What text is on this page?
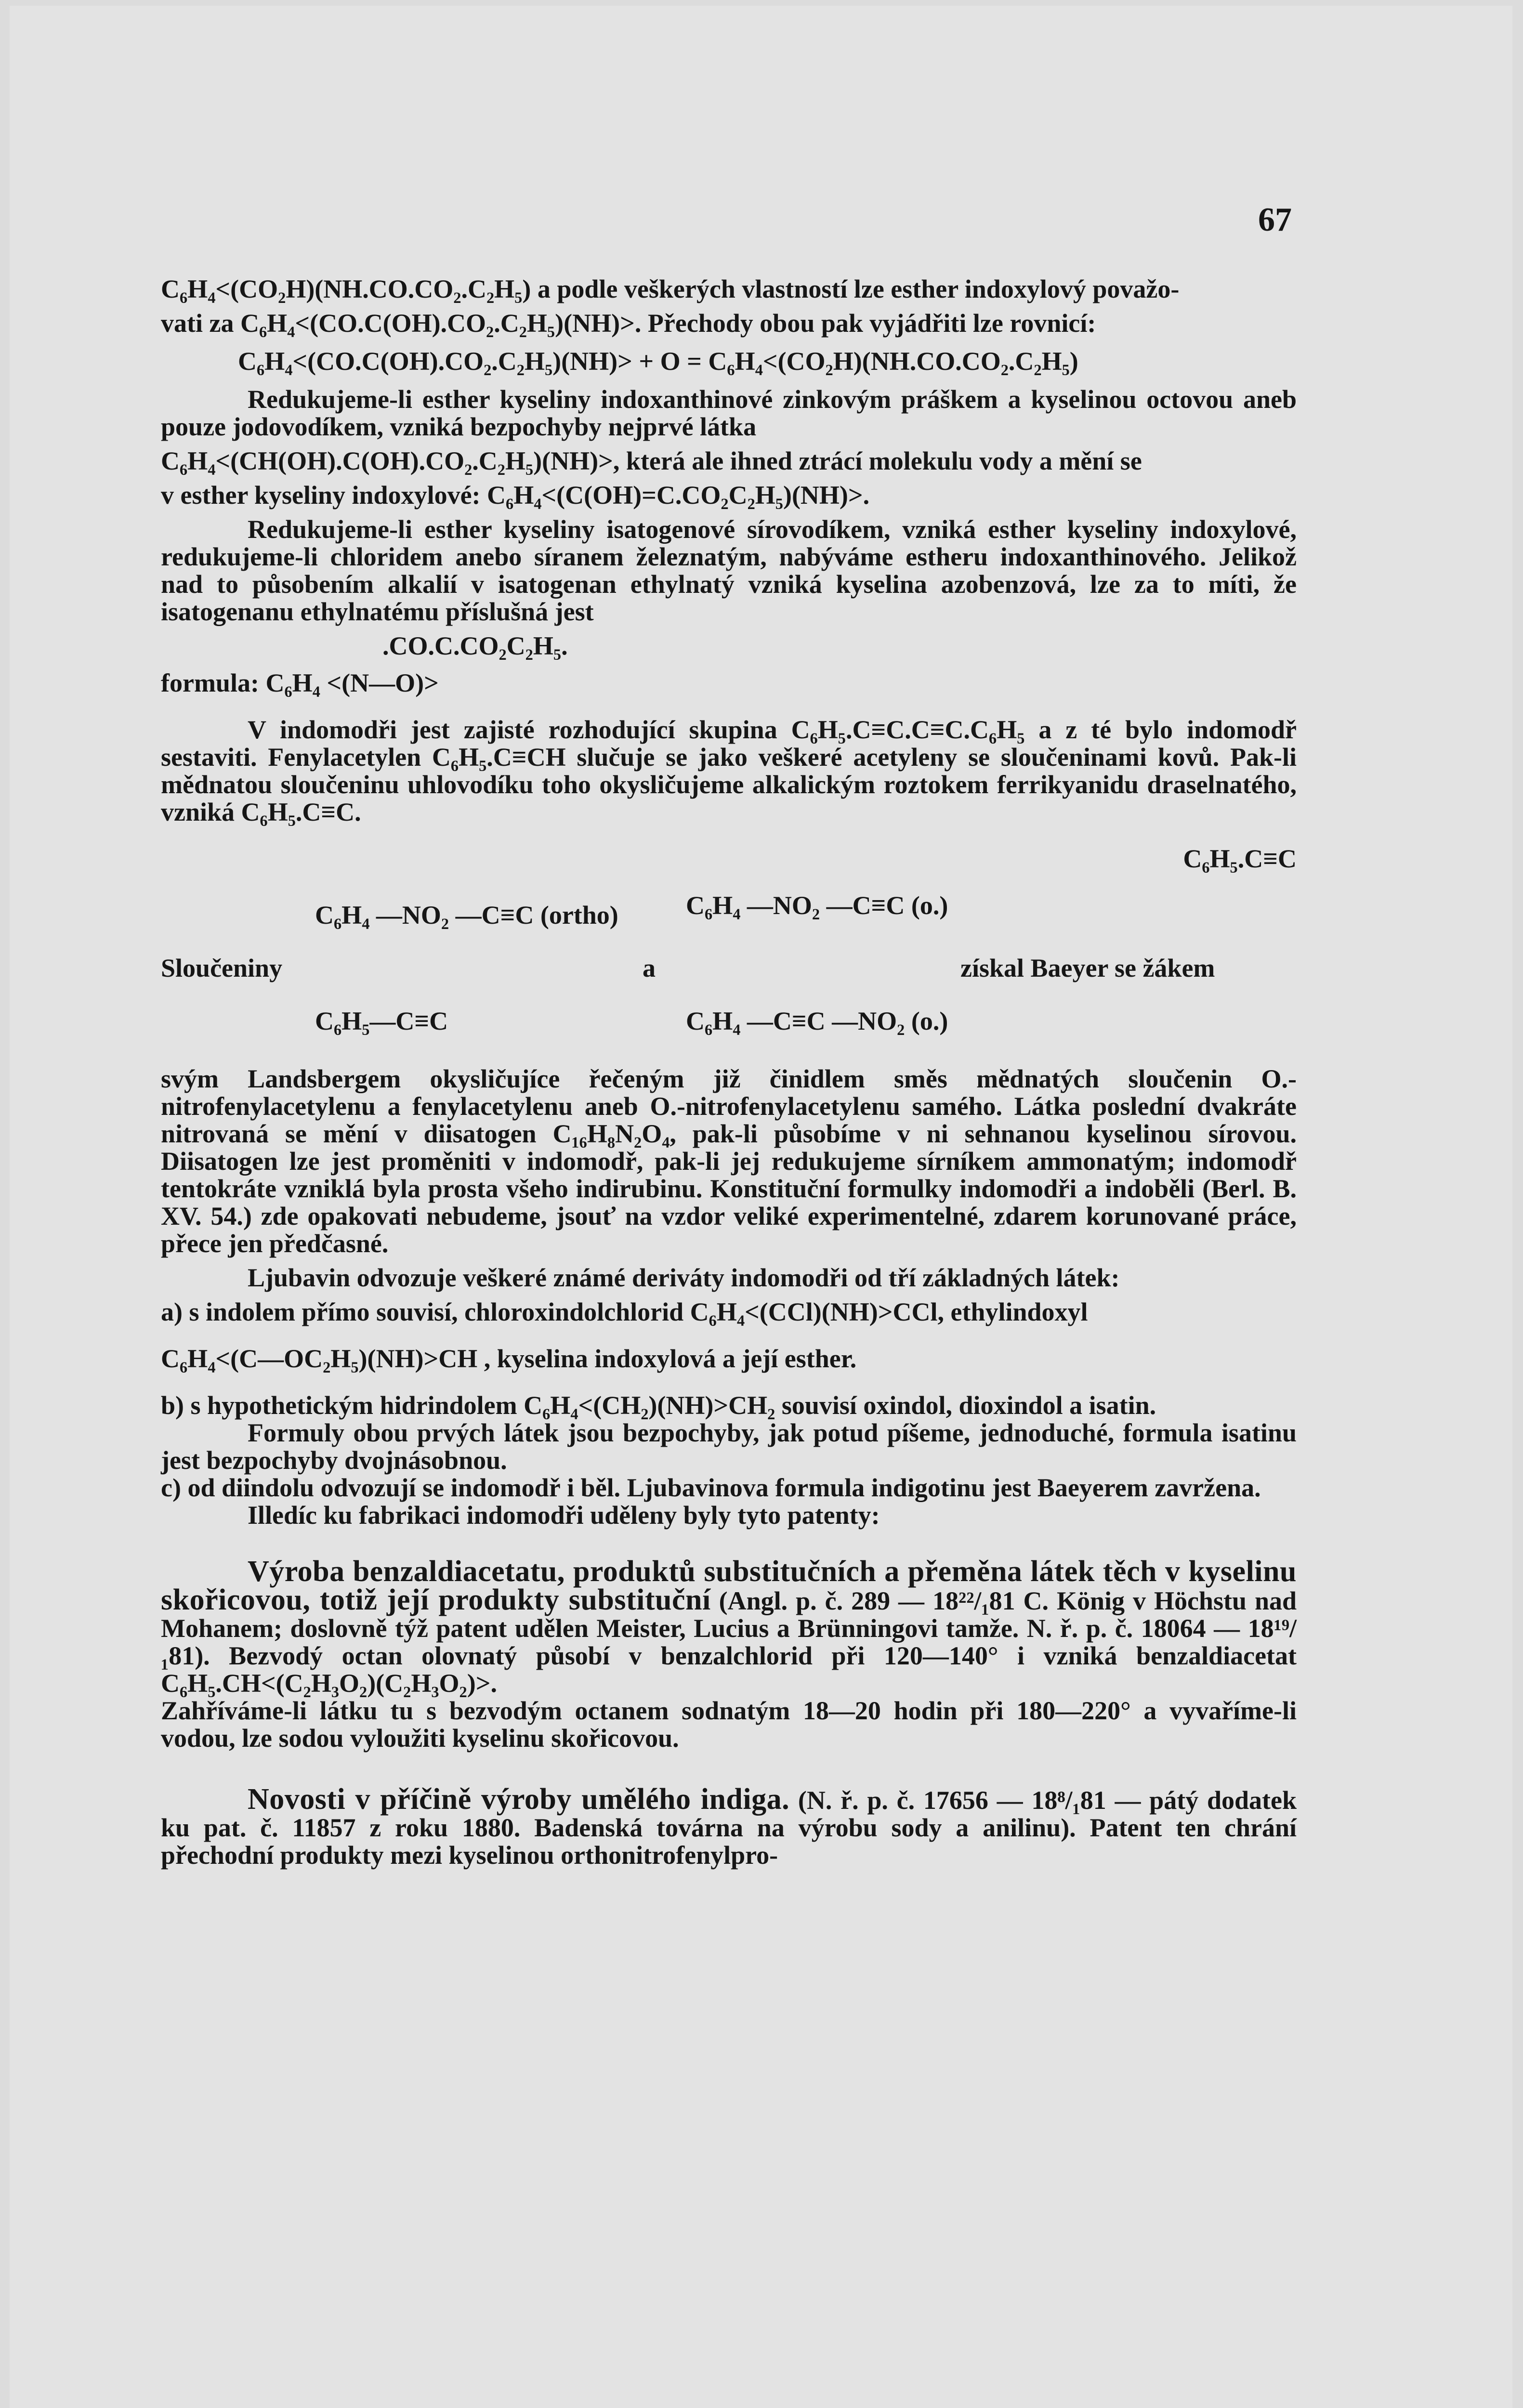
67
C₆H₄<(CO₂H)(NH.CO.CO₂.C₂H₅) a podle veškerých vlastností lze esther indoxylový považo-
vati za C₆H₄<(CO.C(OH).CO₂.C₂H₅)(NH)>. Přechody obou pak vyjádřiti lze rovnicí:
C₆H₄<(CO.C(OH).CO₂.C₂H₅)(NH)> + O = C₆H₄<(CO₂H)(NH.CO.CO₂.C₂H₅)

Redukujeme-li esther kyseliny indoxanthinové zinkovým práškem a kyselinou octovou aneb pouze jodovodíkem, vzniká bezpochyby nejprvé látka

C₆H₄<(CH(OH).C(OH).CO₂.C₂H₅)(NH)>, která ale ihned ztrácí molekulu vody a mění se
v esther kyseliny indoxylové: C₆H₄<(C(OH)=C.CO₂C₂H₅)(NH)>.

Redukujeme-li esther kyseliny isatogenové sírovodíkem, vzniká esther kyseliny indoxylové, redukujeme-li chloridem anebo síranem železnatým, nabýváme estheru indoxanthinového. Jelikož nad to působením alkalií v isatogenan ethylnatý vzniká kyselina azobenzová, lze za to míti, že isatogenanu ethylnatému příslušná jest

.CO.C.CO₂C₂H₅.
formula: C₆H₄ <(N—O)>

V indomodři jest zajisté rozhodující skupina C₆H₅.C≡C.C≡C.C₆H₅ a z té bylo indomodř sestaviti. Fenylacetylen C₆H₅.C≡CH slučuje se jako veškeré acetyleny se sloučeninami kovů. Pak-li mědnatou sloučeninu uhlovodíku toho okysličujeme alkalickým roztokem ferrikyanidu draselnatého, vzniká C₆H₅.C≡C.

C₆H₅.C≡C
C₆H₄ —NO₂ —C≡C (ortho)
Sloučeniny
C₆H₅—C≡C
a
C₆H₄ —NO₂ —C≡C (o.)
C₆H₄ —C≡C —NO₂ (o.)
získal Baeyer se žákem

svým Landsbergem okysličujíce řečeným již činidlem směs mědnatých sloučenin O.-nitrofenylacetylenu a fenylacetylenu aneb O.-nitrofenylacetylenu samého. Látka poslední dvakráte nitrovaná se mění v diisatogen C₁₆H₈N₂O₄, pak-li působíme v ni sehnanou kyselinou sírovou. Diisatogen lze jest proměniti v indomodř, pak-li jej redukujeme sírníkem ammonatým; indomodř tentokráte vzniklá byla prosta všeho indirubinu. Konstituční formulky indomodři a indoběli (Berl. B. XV. 54.) zde opakovati nebudeme, jsouť na vzdor veliké experimentelné, zdarem korunované práce, přece jen předčasné.

Ljubavin odvozuje veškeré známé deriváty indomodři od tří základných látek:

a) s indolem přímo souvisí, chloroxindolchlorid C₆H₄<(CCl)(NH)>CCl, ethylindoxyl
C₆H₄<(C—OC₂H₅)(NH)>CH , kyselina indoxylová a její esther.
b) s hypothetickým hidrindolem C₆H₄<(CH₂)(NH)>CH₂ souvisí oxindol, dioxindol a isatin.

Formuly obou prvých látek jsou bezpochyby, jak potud píšeme, jednoduché, formula isatinu jest bezpochyby dvojnásobnou.

c) od diindolu odvozují se indomodř i běl. Ljubavinova formula indigotinu jest Baeyerem zavržena.

Illedíc ku fabrikaci indomodři uděleny byly tyto patenty:

Výroba benzaldiacetatu, produktů substitučních a přeměna látek těch v kyselinu skořicovou, totiž její produkty substituční (Angl. p. č. 289 — 18²²/₁81 C. König v Höchstu nad Mohanem; doslovně týž patent udělen Meister, Lucius a Brünningovi tamže. N. ř. p. č. 18064 — 18¹⁹/₁81). Bezvodý octan olovnatý působí v benzalchlorid při 120—140° i vzniká benzaldiacetat C₆H₅.CH<(C₂H₃O₂)(C₂H₃O₂)>.

Zahříváme-li látku tu s bezvodým octanem sodnatým 18—20 hodin při 180—220° a vyvaříme-li vodou, lze sodou vyloužiti kyselinu skořicovou.

Novosti v příčině výroby umělého indiga. (N. ř. p. č. 17656 — 18⁸/₁81 — pátý dodatek ku pat. č. 11857 z roku 1880. Badenská továrna na výrobu sody a anilinu). Patent ten chrání přechodní produkty mezi kyselinou orthonitrofenylpro-
